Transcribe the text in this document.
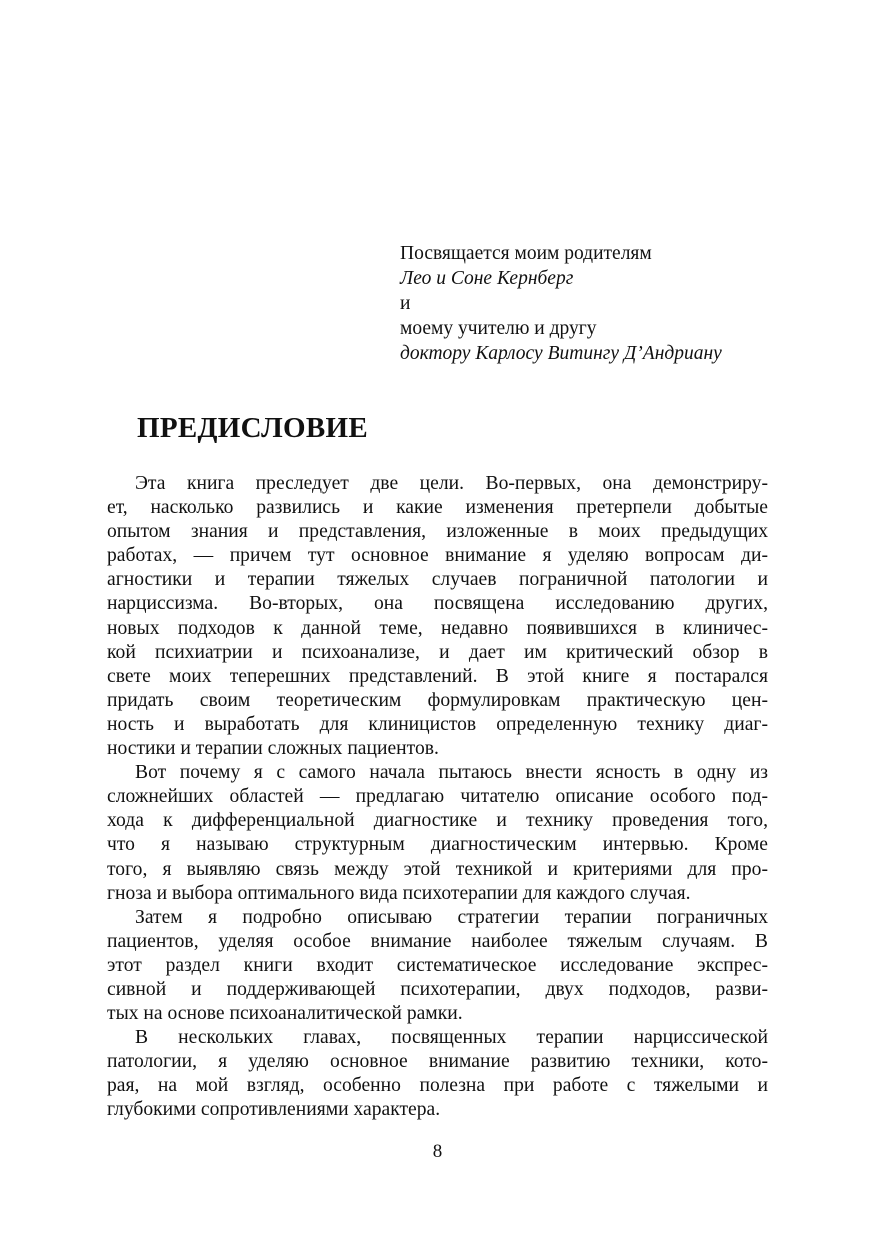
Посвящается моим родителям
Лео и Соне Кернберг
и
моему учителю и другу
доктору Карлосу Витингу Д’Андриану
ПРЕДИСЛОВИЕ
Эта книга преследует две цели. Во-первых, она демонстриру-
ет, насколько развились и какие изменения претерпели добытые
опытом знания и представления, изложенные в моих предыдущих
работах, — причем тут основное внимание я уделяю вопросам ди-
агностики и терапии тяжелых случаев пограничной патологии и
нарциссизма. Во-вторых, она посвящена исследованию других,
новых подходов к данной теме, недавно появившихся в клиничес-
кой психиатрии и психоанализе, и дает им критический обзор в
свете моих теперешних представлений. В этой книге я постарался
придать своим теоретическим формулировкам практическую цен-
ность и выработать для клиницистов определенную технику диаг-
ностики и терапии сложных пациентов.
Вот почему я с самого начала пытаюсь внести ясность в одну из
сложнейших областей — предлагаю читателю описание особого под-
хода к дифференциальной диагностике и технику проведения того,
что я называю структурным диагностическим интервью. Кроме
того, я выявляю связь между этой техникой и критериями для про-
гноза и выбора оптимального вида психотерапии для каждого случая.
Затем я подробно описываю стратегии терапии пограничных
пациентов, уделяя особое внимание наиболее тяжелым случаям. В
этот раздел книги входит систематическое исследование экспрес-
сивной и поддерживающей психотерапии, двух подходов, разви-
тых на основе психоаналитической рамки.
В нескольких главах, посвященных терапии нарциссической
патологии, я уделяю основное внимание развитию техники, кото-
рая, на мой взгляд, особенно полезна при работе с тяжелыми и
глубокими сопротивлениями характера.
8
